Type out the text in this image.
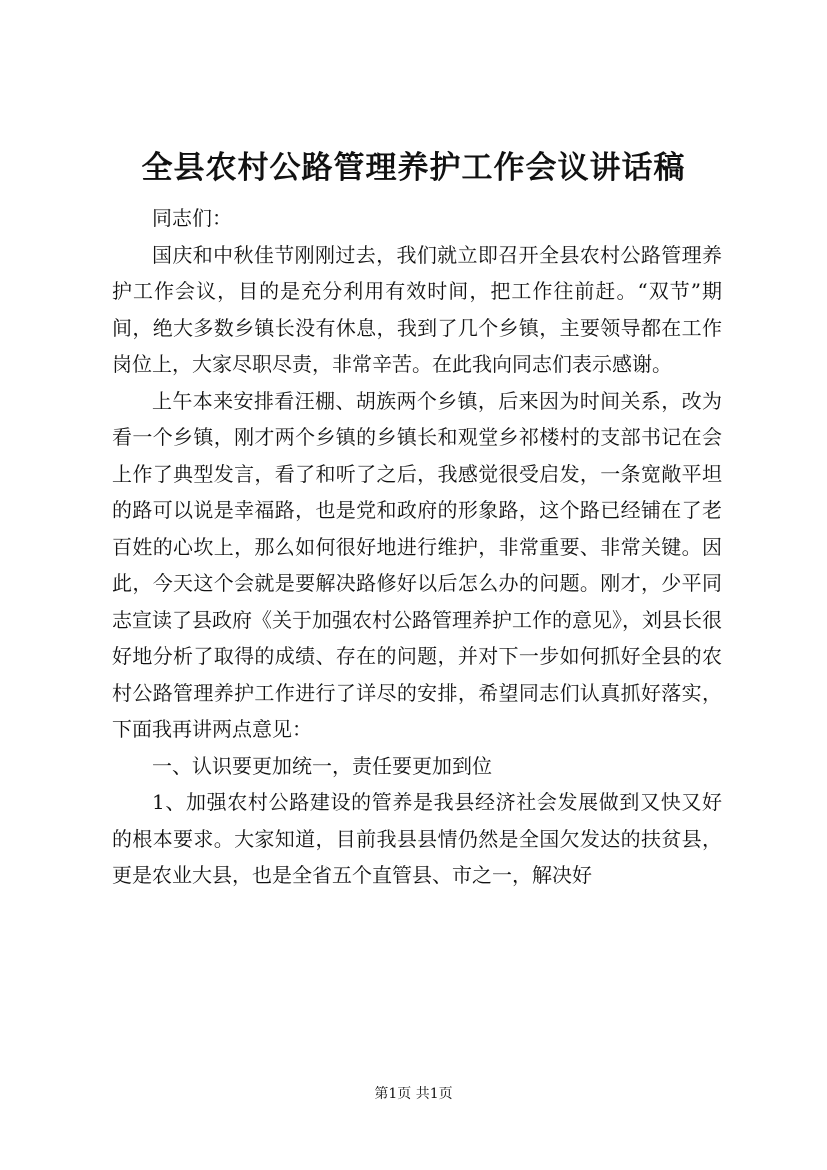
全县农村公路管理养护工作会议讲话稿

同志们：

国庆和中秋佳节刚刚过去，我们就立即召开全县农村公路管理养护工作会议，目的是充分利用有效时间，把工作往前赶。“双节”期间，绝大多数乡镇长没有休息，我到了几个乡镇，主要领导都在工作岗位上，大家尽职尽责，非常辛苦。在此我向同志们表示感谢。

上午本来安排看汪棚、胡族两个乡镇，后来因为时间关系，改为看一个乡镇，刚才两个乡镇的乡镇长和观堂乡祁楼村的支部书记在会上作了典型发言，看了和听了之后，我感觉很受启发，一条宽敞平坦的路可以说是幸福路，也是党和政府的形象路，这个路已经铺在了老百姓的心坎上，那么如何很好地进行维护，非常重要、非常关键。因此，今天这个会就是要解决路修好以后怎么办的问题。刚才，少平同志宣读了县政府《关于加强农村公路管理养护工作的意见》，刘县长很好地分析了取得的成绩、存在的问题，并对下一步如何抓好全县的农村公路管理养护工作进行了详尽的安排，希望同志们认真抓好落实，下面我再讲两点意见：

一、认识要更加统一，责任要更加到位

1、加强农村公路建设的管养是我县经济社会发展做到又快又好的根本要求。大家知道，目前我县县情仍然是全国欠发达的扶贫县，更是农业大县，也是全省五个直管县、市之一，解决好

第1页 共1页
